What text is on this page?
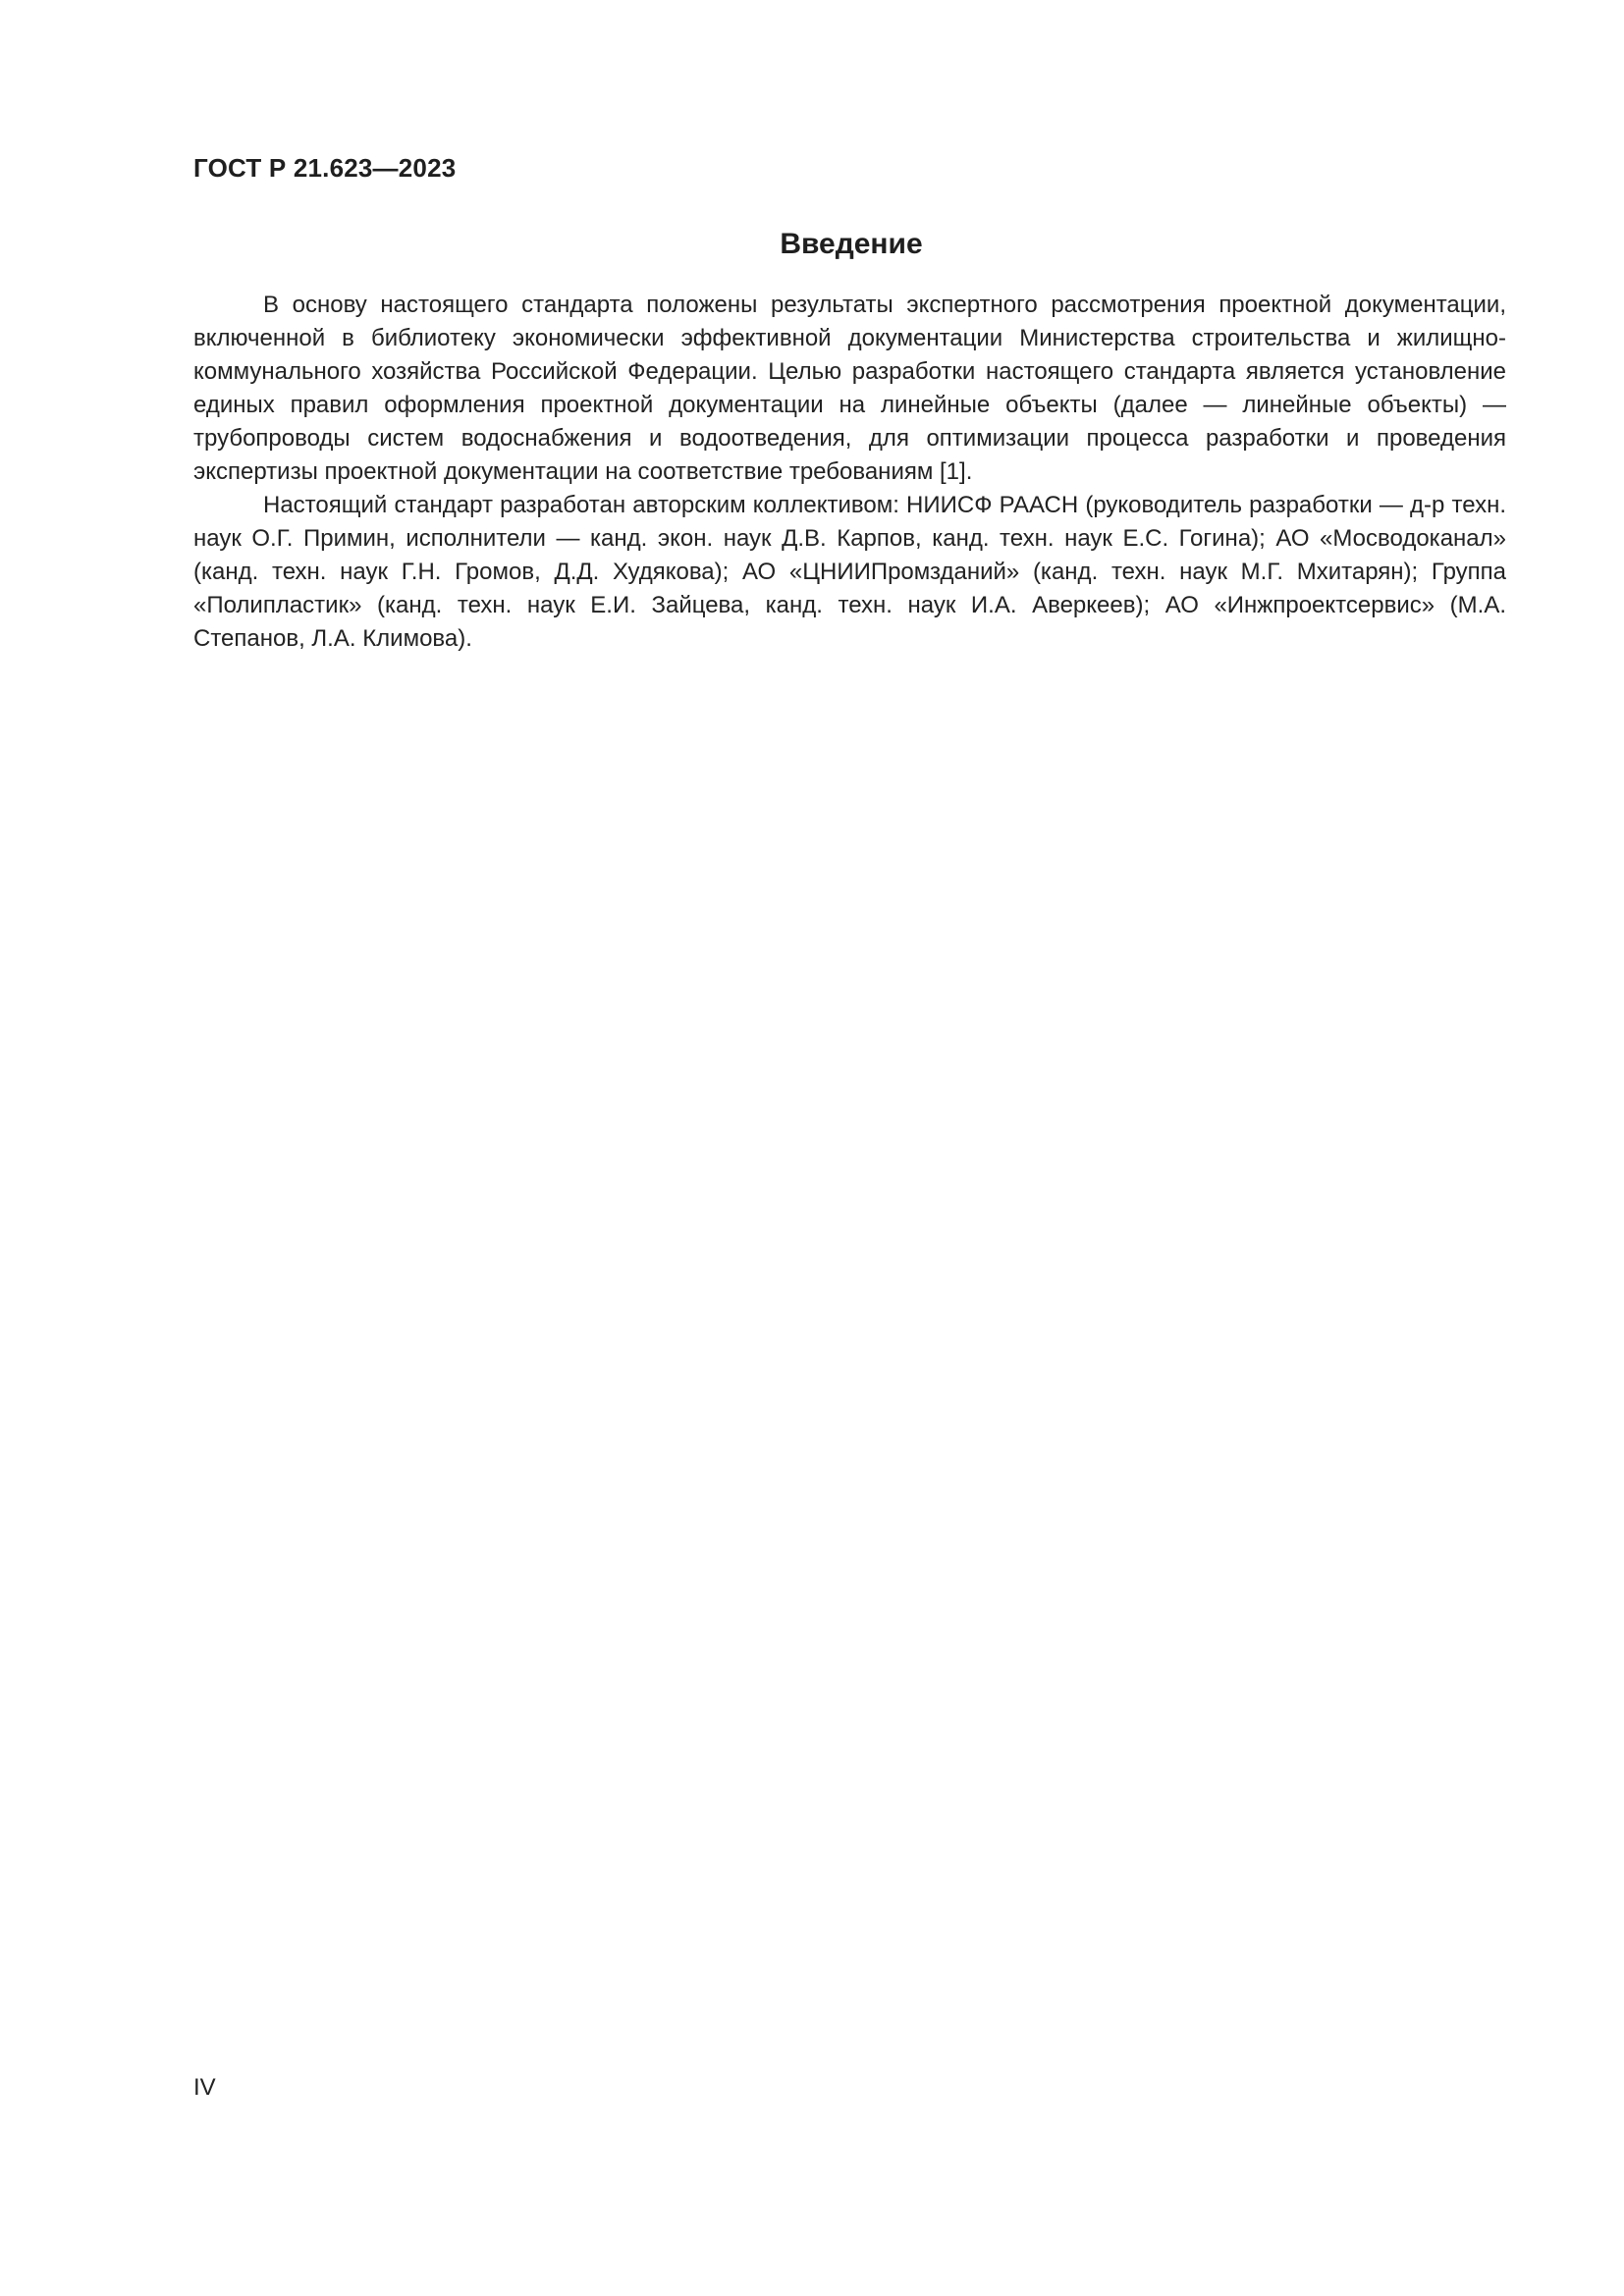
ГОСТ Р 21.623—2023
Введение

В основу настоящего стандарта положены результаты экспертного рассмотрения проектной документации, включенной в библиотеку экономически эффективной документации Министерства строительства и жилищно-коммунального хозяйства Российской Федерации. Целью разработки настоящего стандарта является установление единых правил оформления проектной документации на линейные объекты (далее — линейные объекты) — трубопроводы систем водоснабжения и водоотведения, для оптимизации процесса разработки и проведения экспертизы проектной документации на соответствие требованиям [1].

Настоящий стандарт разработан авторским коллективом: НИИСФ РААСН (руководитель разработки — д-р техн. наук О.Г. Примин, исполнители — канд. экон. наук Д.В. Карпов, канд. техн. наук Е.С. Гогина); АО «Мосводоканал» (канд. техн. наук Г.Н. Громов, Д.Д. Худякова); АО «ЦНИИПромзданий» (канд. техн. наук М.Г. Мхитарян); Группа «Полипластик» (канд. техн. наук Е.И. Зайцева, канд. техн. наук И.А. Аверкеев); АО «Инжпроектсервис» (М.А. Степанов, Л.А. Климова).

IV
